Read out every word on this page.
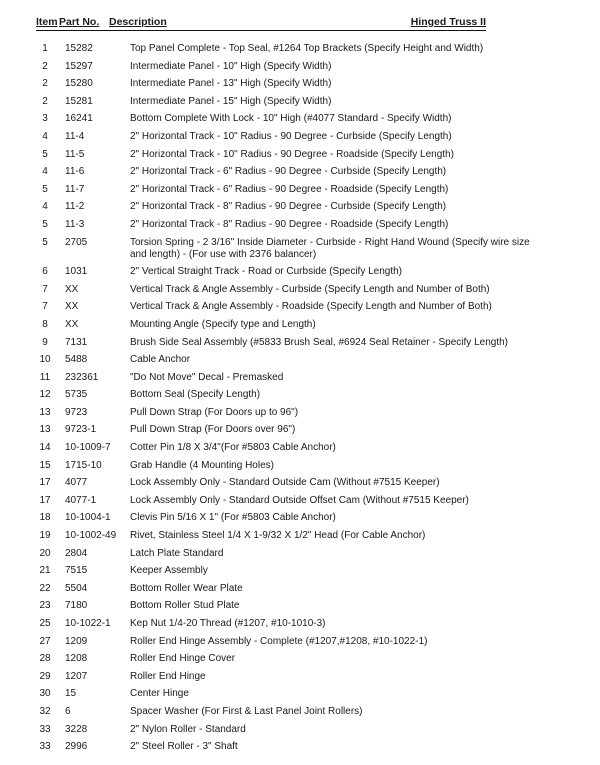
Item Part No. Description	Hinged Truss II
1	15282	Top Panel Complete - Top Seal, #1264 Top Brackets (Specify Height and Width)
2	15297	Intermediate Panel - 10" High (Specify Width)
2	15280	Intermediate Panel - 13" High (Specify Width)
2	15281	Intermediate Panel - 15" High (Specify Width)
3	16241	Bottom Complete With Lock - 10" High (#4077 Standard - Specify Width)
4	11-4	2" Horizontal Track - 10" Radius - 90 Degree - Curbside (Specify Length)
5	11-5	2" Horizontal Track - 10" Radius - 90 Degree - Roadside (Specify Length)
4	11-6	2" Horizontal Track - 6" Radius - 90 Degree - Curbside (Specify Length)
5	11-7	2" Horizontal Track - 6" Radius - 90 Degree - Roadside (Specify Length)
4	11-2	2" Horizontal Track - 8" Radius - 90 Degree - Curbside (Specify Length)
5	11-3	2" Horizontal Track - 8" Radius - 90 Degree - Roadside (Specify Length)
5	2705	Torsion Spring - 2 3/16" Inside Diameter - Curbside - Right Hand Wound (Specify wire size and length) - (For use with 2376 balancer)
6	1031	2" Vertical Straight Track - Road or Curbside (Specify Length)
7	XX	Vertical Track & Angle Assembly - Curbside (Specify Length and Number of Both)
7	XX	Vertical Track & Angle Assembly - Roadside (Specify Length and Number of Both)
8	XX	Mounting Angle (Specify type and Length)
9	7131	Brush Side Seal Assembly (#5833 Brush Seal, #6924 Seal Retainer - Specify Length)
10	5488	Cable Anchor
11	232361	"Do Not Move" Decal - Premasked
12	5735	Bottom Seal (Specify Length)
13	9723	Pull Down Strap (For Doors up to 96")
13	9723-1	Pull Down Strap (For Doors over 96")
14	10-1009-7 Cotter Pin 1/8 X 3/4"(For #5803 Cable Anchor)
15	1715-10	Grab Handle (4 Mounting Holes)
17	4077	Lock Assembly Only - Standard Outside Cam (Without #7515 Keeper)
17	4077-1	Lock Assembly Only - Standard Outside Offset Cam (Without #7515 Keeper)
18	10-1004-1 Clevis Pin 5/16 X 1" (For #5803 Cable Anchor)
19	10-1002-49 Rivet, Stainless Steel 1/4 X 1-9/32 X 1/2" Head (For Cable Anchor)
20	2804	Latch Plate Standard
21	7515	Keeper Assembly
22	5504	Bottom Roller Wear Plate
23	7180	Bottom Roller Stud Plate
25	10-1022-1 Kep Nut 1/4-20 Thread (#1207, #10-1010-3)
27	1209	Roller End Hinge Assembly - Complete (#1207,#1208, #10-1022-1)
28	1208	Roller End Hinge Cover
29	1207	Roller End Hinge
30	15	Center Hinge
32	6	Spacer Washer (For First & Last Panel Joint Rollers)
33	3228	2" Nylon Roller - Standard
33	2996	2" Steel Roller - 3" Shaft
